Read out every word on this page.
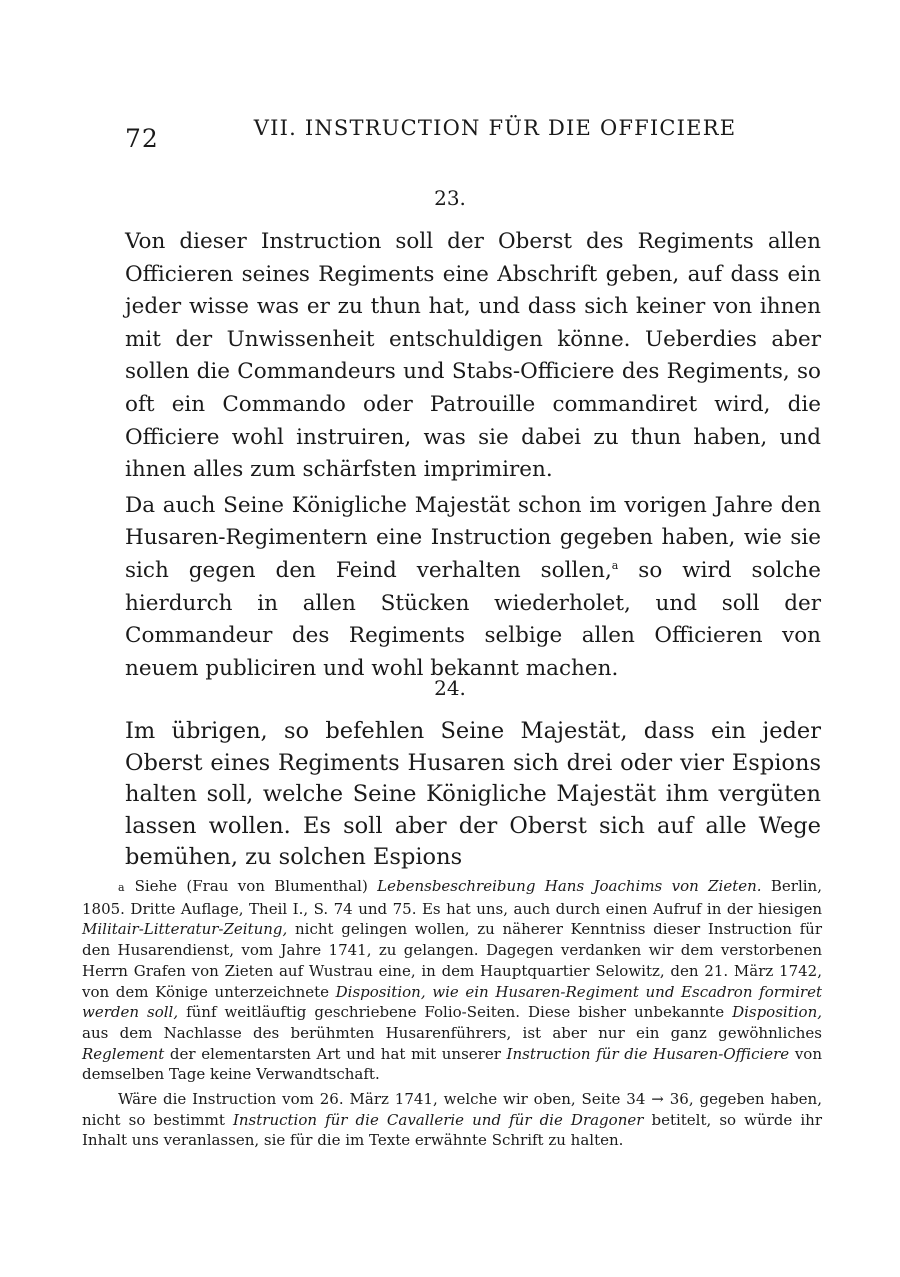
72	VII. INSTRUCTION FÜR DIE OFFICIERE
23.

Von dieser Instruction soll der Oberst des Regiments allen Officieren seines Regiments eine Abschrift geben, auf dass ein jeder wisse was er zu thun hat, und dass sich keiner von ihnen mit der Unwissenheit entschuldigen könne. Ueberdies aber sollen die Commandeurs und Stabs-Officiere des Regiments, so oft ein Commando oder Patrouille commandiret wird, die Officiere wohl instruiren, was sie dabei zu thun haben, und ihnen alles zum schärfsten imprimiren.

Da auch Seine Königliche Majestät schon im vorigen Jahre den Husaren-Regimentern eine Instruction gegeben haben, wie sie sich gegen den Feind verhalten sollen,$^a$ so wird solche hierdurch in allen Stücken wiederholet, und soll der Commandeur des Regiments selbige allen Officieren von neuem publiciren und wohl bekannt machen.

24.

Im übrigen, so befehlen Seine Majestät, dass ein jeder Oberst eines Regiments Husaren sich drei oder vier Espions halten soll, welche Seine Königliche Majestät ihm vergüten lassen wollen. Es soll aber der Oberst sich auf alle Wege bemühen, zu solchen Espions

a Siehe (Frau von Blumenthal) Lebensbeschreibung Hans Joachims von Zieten. Berlin, 1805. Dritte Auflage, Theil I., S. 74 und 75. Es hat uns, auch durch einen Aufruf in der hiesigen Militair-Litteratur-Zeitung, nicht gelingen wollen, zu näherer Kenntniss dieser Instruction für den Husarendienst, vom Jahre 1741, zu gelangen. Dagegen verdanken wir dem verstorbenen Herrn Grafen von Zieten auf Wustrau eine, in dem Hauptquartier Selowitz, den 21. März 1742, von dem Könige unterzeichnete Disposition, wie ein Husaren-Regiment und Escadron formiret werden soll, fünf weitläuftig geschriebene Folio-Seiten. Diese bisher unbekannte Disposition, aus dem Nachlasse des berühmten Husarenführers, ist aber nur ein ganz gewöhnliches Reglement der elementarsten Art und hat mit unserer Instruction für die Husaren-Officiere von demselben Tage keine Verwandtschaft.

Wäre die Instruction vom 26. März 1741, welche wir oben, Seite 34 → 36, gegeben haben, nicht so bestimmt Instruction für die Cavallerie und für die Dragoner betitelt, so würde ihr Inhalt uns veranlassen, sie für die im Texte erwähnte Schrift zu halten.
